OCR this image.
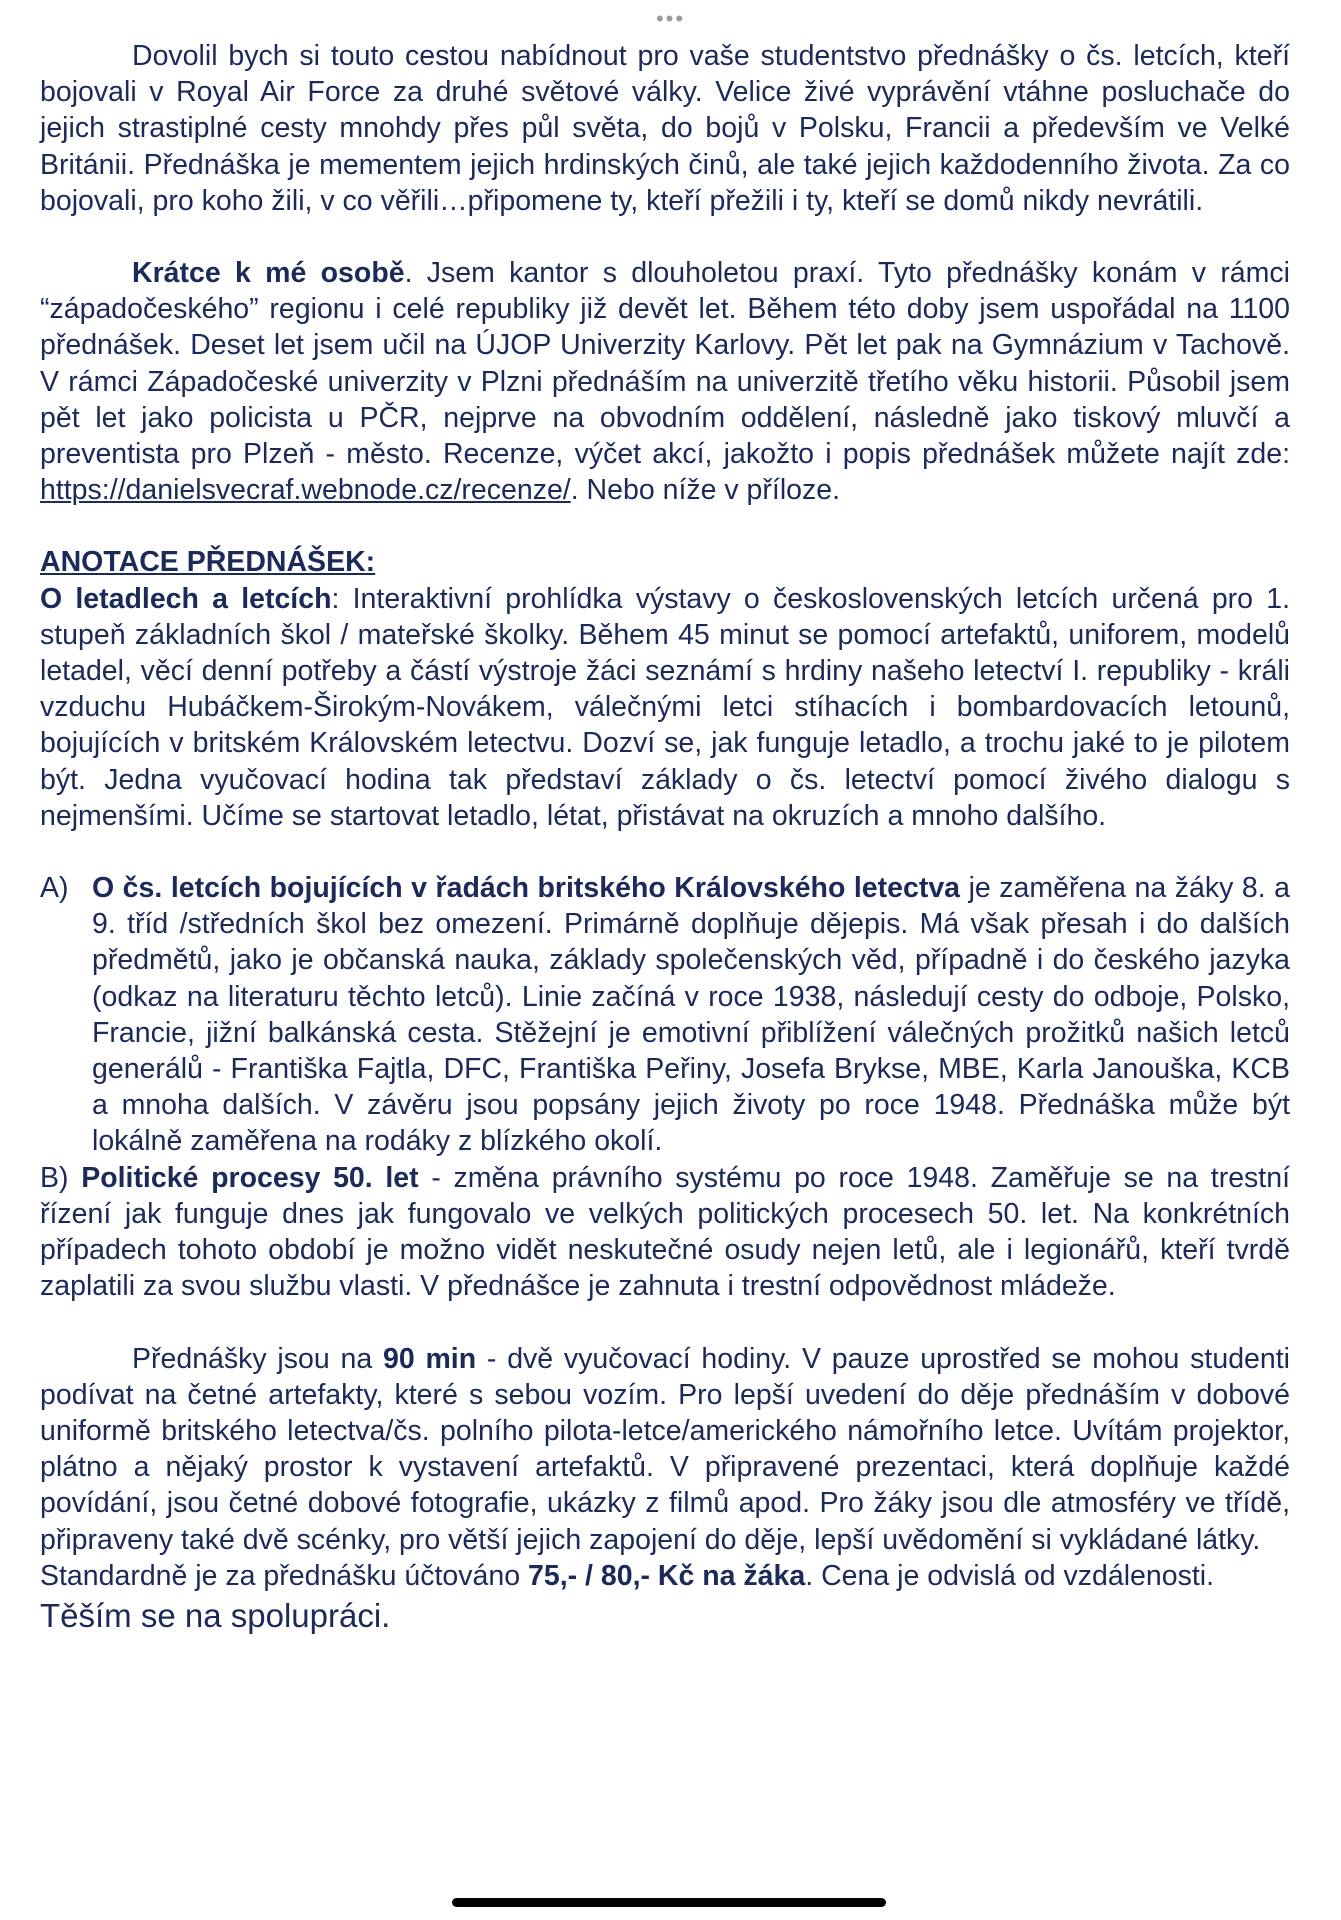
•••

Dovolil bych si touto cestou nabídnout pro vaše studentstvo přednášky o čs. letcích, kteří bojovali v Royal Air Force za druhé světové války. Velice živé vyprávění vtáhne posluchače do jejich strastiplné cesty mnohdy přes půl světa, do bojů v Polsku, Francii a především ve Velké Británii. Přednáška je mementem jejich hrdinských činů, ale také jejich každodenního života. Za co bojovali, pro koho žili, v co věřili…připomene ty, kteří přežili i ty, kteří se domů nikdy nevrátili.

Krátce k mé osobě. Jsem kantor s dlouholetou praxí. Tyto přednášky konám v rámci “západočeského” regionu i celé republiky již devět let. Během této doby jsem uspořádal na 1100 přednášek. Deset let jsem učil na ÚJOP Univerzity Karlovy. Pět let pak na Gymnázium v Tachově. V rámci Západočeské univerzity v Plzni přednáším na univerzitě třetího věku historii. Působil jsem pět let jako policista u PČR, nejprve na obvodním oddělení, následně jako tiskový mluvčí a preventista pro Plzeň - město. Recenze, výčet akcí, jakožto i popis přednášek můžete najít zde: https://danielsvecraf.webnode.cz/recenze/. Nebo níže v příloze.

ANOTACE PŘEDNÁŠEK:

O letadlech a letcích: Interaktivní prohlídka výstavy o československých letcích určená pro 1. stupeň základních škol / mateřské školky. Během 45 minut se pomocí artefaktů, uniforem, modelů letadel, věcí denní potřeby a částí výstroje žáci seznámí s hrdiny našeho letectví I. republiky - králi vzduchu Hubáčkem-Širokým-Novákem, válečnými letci stíhacích i bombardovacích letounů, bojujících v britském Královském letectvu. Dozví se, jak funguje letadlo, a trochu jaké to je pilotem být. Jedna vyučovací hodina tak představí základy o čs. letectví pomocí živého dialogu s nejmenšími. Učíme se startovat letadlo, létat, přistávat na okruzích a mnoho dalšího.

A) O čs. letcích bojujících v řadách britského Královského letectva je zaměřena na žáky 8. a 9. tříd /středních škol bez omezení. Primárně doplňuje dějepis. Má však přesah i do dalších předmětů, jako je občanská nauka, základy společenských věd, případně i do českého jazyka (odkaz na literaturu těchto letců). Linie začíná v roce 1938, následují cesty do odboje, Polsko, Francie, jižní balkánská cesta. Stěžejní je emotivní přiblížení válečných prožitků našich letců generálů - Františka Fajtla, DFC, Františka Peřiny, Josefa Brykse, MBE, Karla Janouška, KCB a mnoha dalších. V závěru jsou popsány jejich životy po roce 1948. Přednáška může být lokálně zaměřena na rodáky z blízkého okolí.

B) Politické procesy 50. let - změna právního systému po roce 1948. Zaměřuje se na trestní řízení jak funguje dnes jak fungovalo ve velkých politických procesech 50. let. Na konkrétních případech tohoto období je možno vidět neskutečné osudy nejen letů, ale i legionářů, kteří tvrdě zaplatili za svou službu vlasti. V přednášce je zahnuta i trestní odpovědnost mládeže.

Přednášky jsou na 90 min - dvě vyučovací hodiny. V pauze uprostřed se mohou studenti podívat na četné artefakty, které s sebou vozím. Pro lepší uvedení do děje přednáším v dobové uniformě britského letectva/čs. polního pilota-letce/amerického námořního letce. Uvítám projektor, plátno a nějaký prostor k vystavení artefaktů. V připravené prezentaci, která doplňuje každé povídání, jsou četné dobové fotografie, ukázky z filmů apod. Pro žáky jsou dle atmosféry ve třídě, připraveny také dvě scénky, pro větší jejich zapojení do děje, lepší uvědomění si vykládané látky.

Standardně je za přednášku účtováno 75,- / 80,- Kč na žáka. Cena je odvislá od vzdálenosti.

Těším se na spolupráci.
